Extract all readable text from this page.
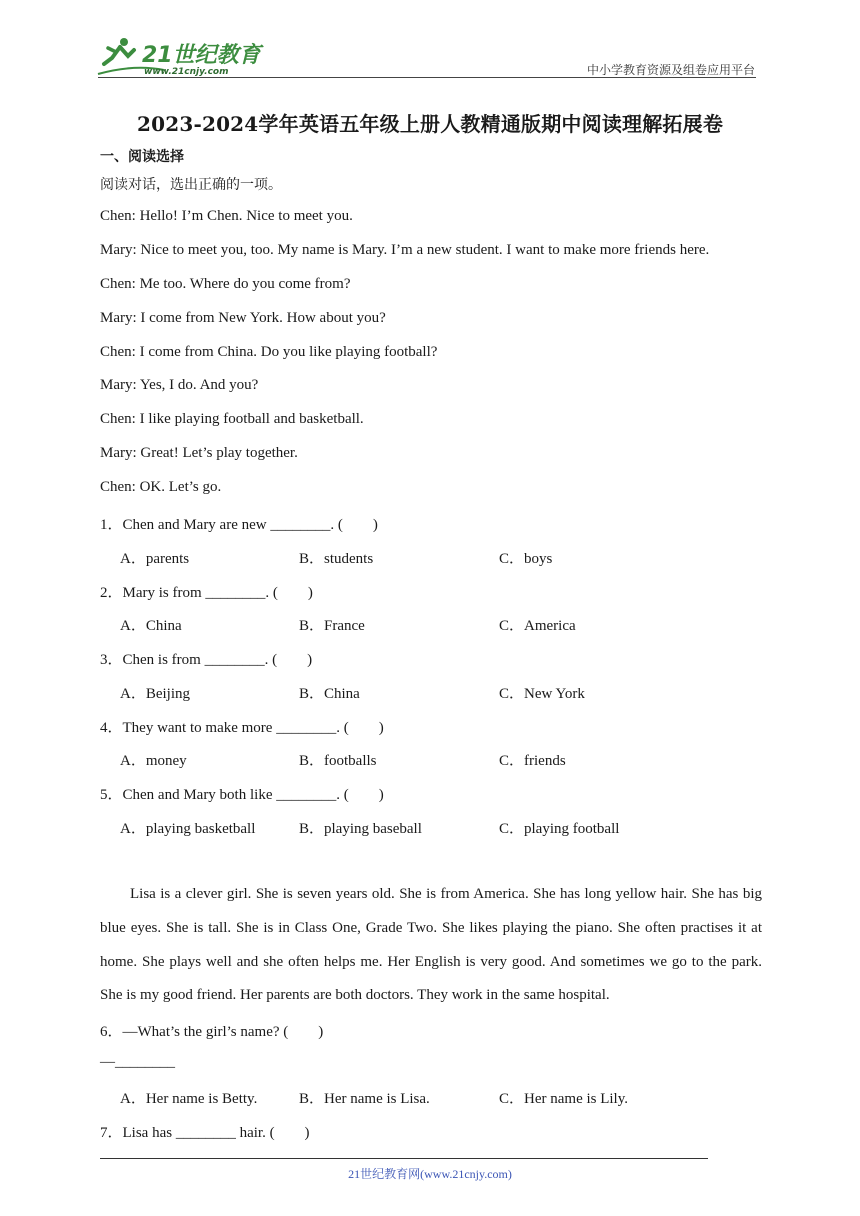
21世纪教育
www.21cnjy.com	中小学教育资源及组卷应用平台
2023-2024学年英语五年级上册人教精通版期中阅读理解拓展卷
一、阅读选择
阅读对话，选出正确的一项。
Chen: Hello! I’m Chen. Nice to meet you.
Mary: Nice to meet you, too. My name is Mary. I’m a new student. I want to make more friends here.
Chen: Me too. Where do you come from?
Mary: I come from New York. How about you?
Chen: I come from China. Do you like playing football?
Mary: Yes, I do. And you?
Chen: I like playing football and basketball.
Mary: Great! Let’s play together.
Chen: OK. Let’s go.
1．Chen and Mary are new ________. (　　)
A．parents	B．students	C．boys
2．Mary is from ________. (　　)
A．China	B．France	C．America
3．Chen is from ________. (　　)
A．Beijing	B．China	C．New York
4．They want to make more ________. (　　)
A．money	B．footballs	C．friends
5．Chen and Mary both like ________. (　　)
A．playing basketball	B．playing baseball	C．playing football
Lisa is a clever girl. She is seven years old. She is from America. She has long yellow hair. She has big blue eyes. She is tall. She is in Class One, Grade Two. She likes playing the piano. She often practises it at home. She plays well and she often helps me. Her English is very good. And sometimes we go to the park. She is my good friend. Her parents are both doctors. They work in the same hospital.
6．—What’s the girl’s name? (　　)
—________
A．Her name is Betty.	B．Her name is Lisa.	C．Her name is Lily.
7．Lisa has ________ hair. (　　)
21世纪教育网(www.21cnjy.com)
